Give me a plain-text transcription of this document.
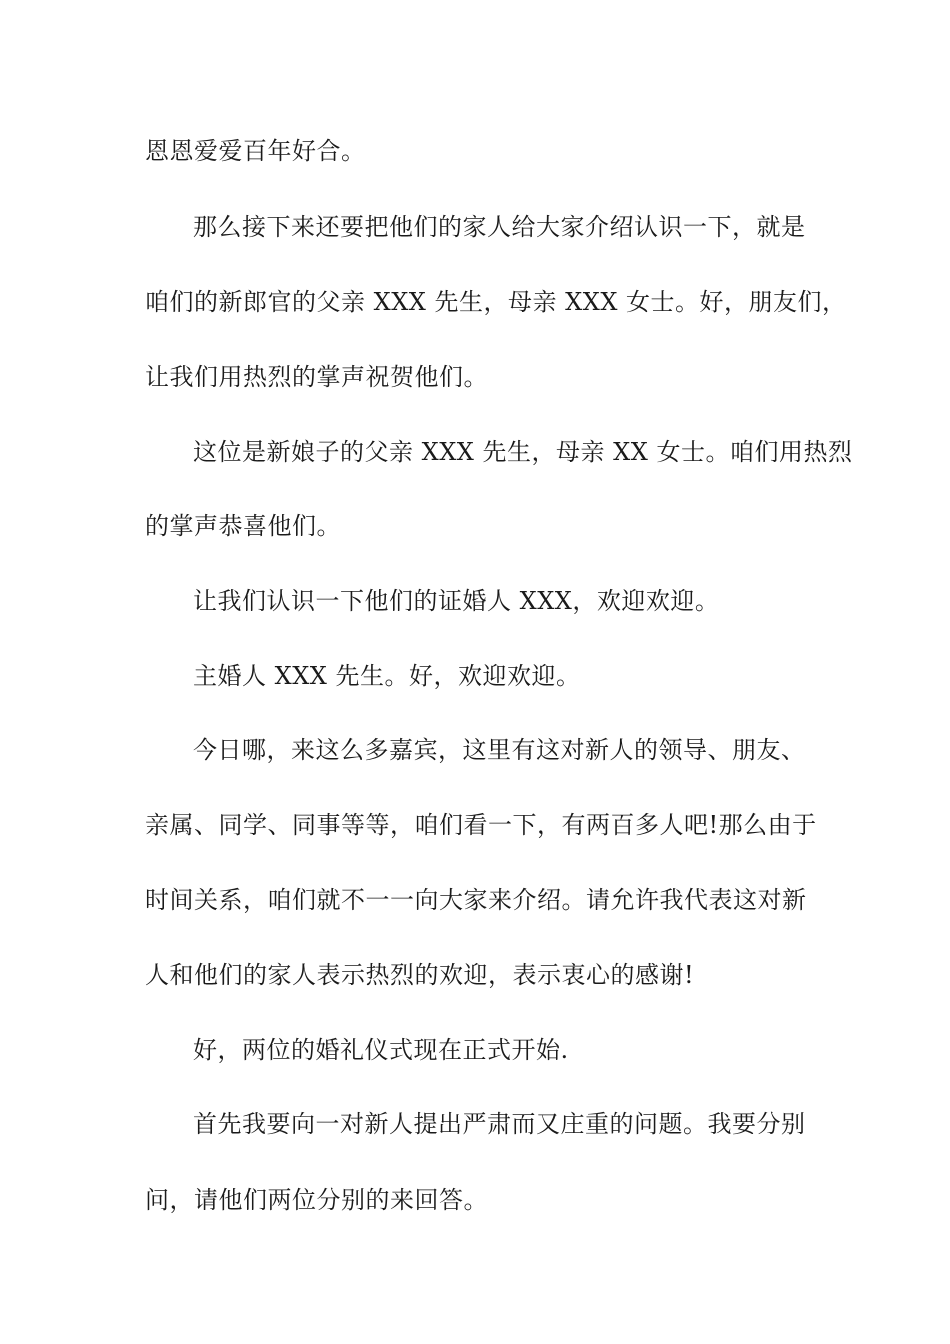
恩恩爱爱百年好合。
那么接下来还要把他们的家人给大家介绍认识一下，就是
咱们的新郎官的父亲 XXX 先生，母亲 XXX 女士。好，朋友们，
让我们用热烈的掌声祝贺他们。
这位是新娘子的父亲 XXX 先生，母亲 XX 女士。咱们用热烈
的掌声恭喜他们。
让我们认识一下他们的证婚人 XXX，欢迎欢迎。
主婚人 XXX 先生。好，欢迎欢迎。
今日哪，来这么多嘉宾，这里有这对新人的领导、朋友、
亲属、同学、同事等等，咱们看一下，有两百多人吧!那么由于
时间关系，咱们就不一一向大家来介绍。请允许我代表这对新
人和他们的家人表示热烈的欢迎，表示衷心的感谢!
好，两位的婚礼仪式现在正式开始.
首先我要向一对新人提出严肃而又庄重的问题。我要分别
问，请他们两位分别的来回答。
